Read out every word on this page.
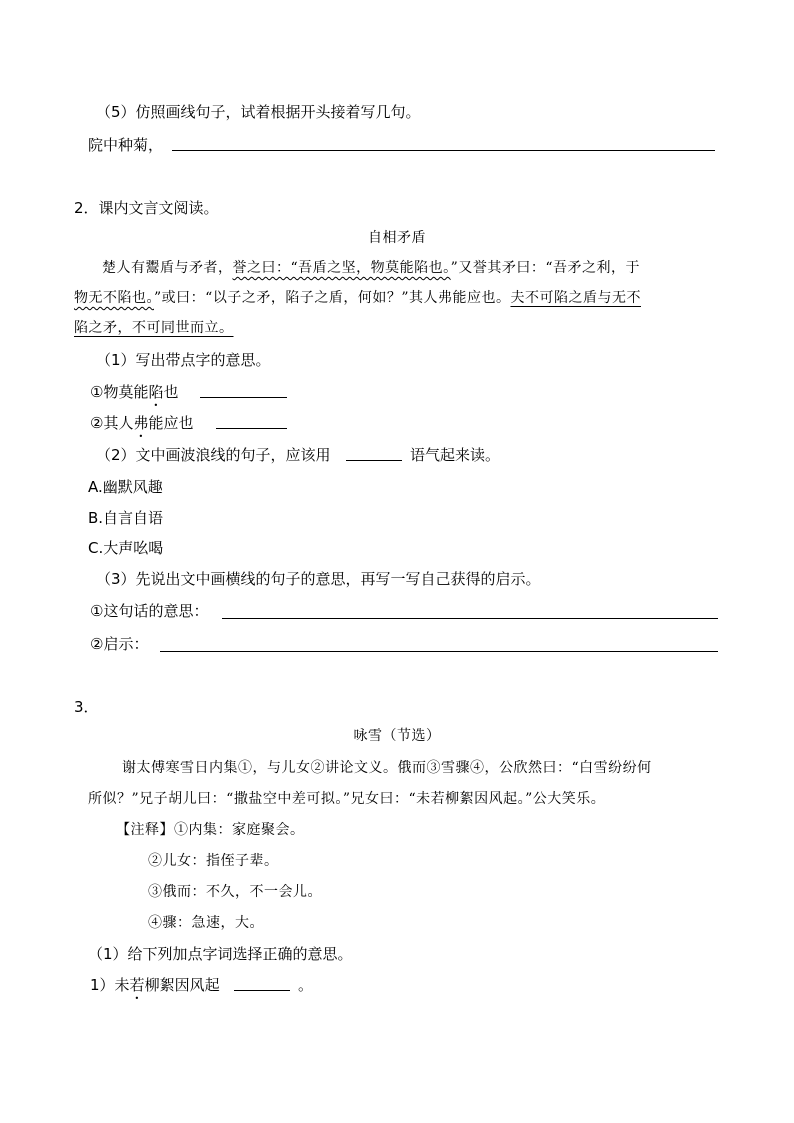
（5）仿照画线句子，试着根据开头接着写几句。
院中种菊，
2．课内文言文阅读。
自相矛盾
楚人有鬻盾与矛者，誉之曰：“吾盾之坚，物莫能陷也。”又誉其矛曰：“吾矛之利，于
物无不陷也。”或曰：“以子之矛，陷子之盾，何如？”其人弗能应也。夫不可陷之盾与无不
陷之矛，不可同世而立。
（1）写出带点字的意思。
①物莫能陷也
②其人弗能应也
（2）文中画波浪线的句子，应该用	语气起来读。
A.幽默风趣
B.自言自语
C.大声吆喝
（3）先说出文中画横线的句子的意思，再写一写自己获得的启示。
①这句话的意思：
②启示：
3．
咏雪（节选）
谢太傅寒雪日内集①，与儿女②讲论文义。俄而③雪骤④，公欣然曰：“白雪纷纷何
所似？”兄子胡儿曰：“撒盐空中差可拟。”兄女曰：“未若柳絮因风起。”公大笑乐。
【注释】①内集：家庭聚会。
②儿女：指侄子辈。
③俄而：不久，不一会儿。
④骤：急速，大。
（1）给下列加点字词选择正确的意思。
1）未若柳絮因风起	。
